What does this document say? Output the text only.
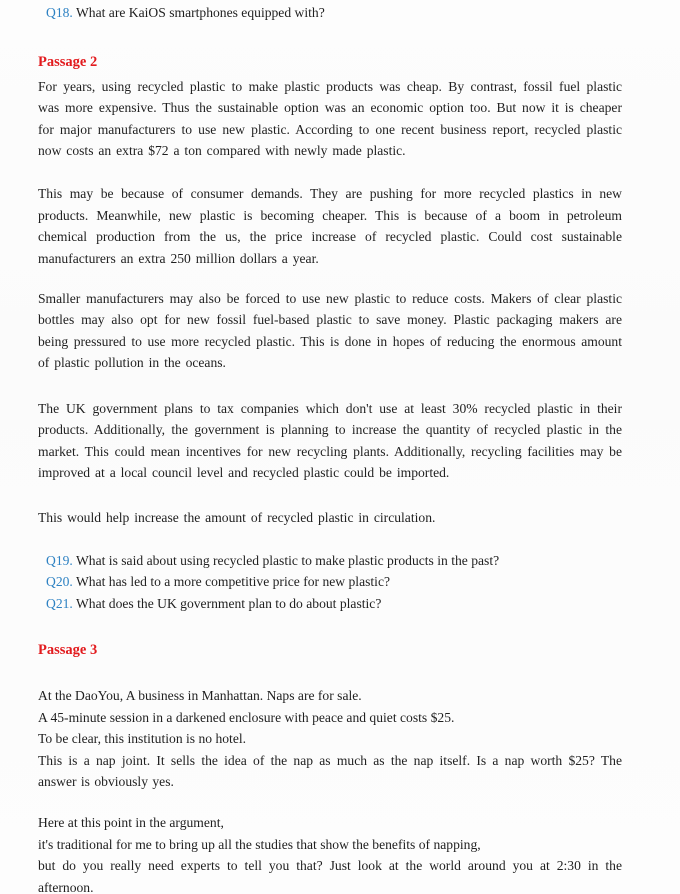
Q18. What are KaiOS smartphones equipped with?
Passage 2

For years, using recycled plastic to make plastic products was cheap. By contrast, fossil fuel plastic was more expensive. Thus the sustainable option was an economic option too. But now it is cheaper for major manufacturers to use new plastic. According to one recent business report, recycled plastic now costs an extra $72 a ton compared with newly made plastic.

This may be because of consumer demands. They are pushing for more recycled plastics in new products. Meanwhile, new plastic is becoming cheaper. This is because of a boom in petroleum chemical production from the us, the price increase of recycled plastic. Could cost sustainable manufacturers an extra 250 million dollars a year.

Smaller manufacturers may also be forced to use new plastic to reduce costs. Makers of clear plastic bottles may also opt for new fossil fuel-based plastic to save money. Plastic packaging makers are being pressured to use more recycled plastic. This is done in hopes of reducing the enormous amount of plastic pollution in the oceans.

The UK government plans to tax companies which don't use at least 30% recycled plastic in their products. Additionally, the government is planning to increase the quantity of recycled plastic in the market. This could mean incentives for new recycling plants. Additionally, recycling facilities may be improved at a local council level and recycled plastic could be imported.

This would help increase the amount of recycled plastic in circulation.

Q19. What is said about using recycled plastic to make plastic products in the past?
Q20. What has led to a more competitive price for new plastic?
Q21. What does the UK government plan to do about plastic?
Passage 3

At the DaoYou, A business in Manhattan. Naps are for sale.

A 45-minute session in a darkened enclosure with peace and quiet costs $25.

To be clear, this institution is no hotel.

This is a nap joint. It sells the idea of the nap as much as the nap itself. Is a nap worth $25? The answer is obviously yes.

Here at this point in the argument,

it's traditional for me to bring up all the studies that show the benefits of napping,

but do you really need experts to tell you that? Just look at the world around you at 2:30 in the afternoon.
